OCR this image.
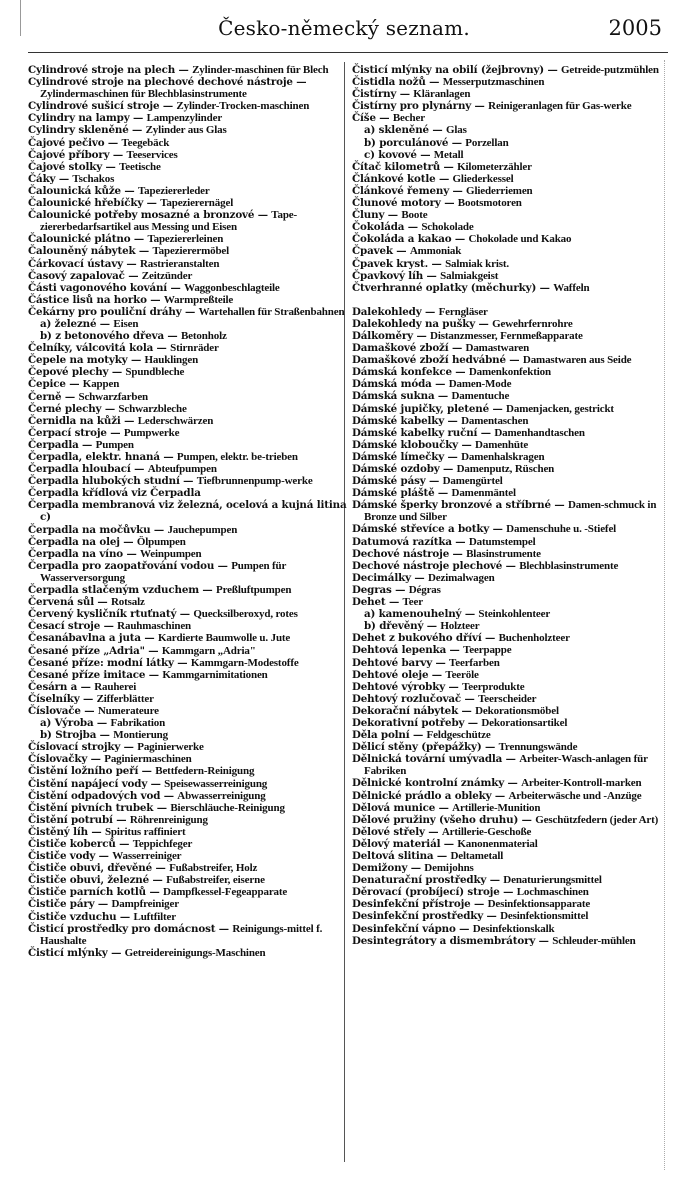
Česko-německý seznam.	2005

Cylindrové stroje na plech — Zylinder-maschinen für Blech

Cylindrové stroje na plechové dechové nástroje — Zylindermaschinen für Blechblasinstrumente

Cylindrové sušicí stroje — Zylinder-Trocken-maschinen

Cylindry na lampy — Lampenzylinder

Cylindry skleněné — Zylinder aus Glas

Čajové pečivo — Teegebäck

Čajové příbory — Teeservices

Čajové stolky — Teetische

Čáky — Tschakos

Čalounická kůže — Tapeziererleder

Čalounické hřebíčky — Tapezierernägel

Čalounické potřeby mosazné a bronzové — Tape-ziererbedarfsartikel aus Messing und Eisen

Čalounické plátno — Tapeziererleinen

Čalouněný nábytek — Tapezierermöbel

Čárkovací ústavy — Rastrieranstalten

Časový zapalovač — Zeitzünder

Části vagonového kování — Waggonbeschlagteile

Částice lisů na horko — Warmpreßteile

Čekárny pro pouliční dráhy — Wartehallen für Straßenbahnen

a) železné — Eisen

b) z betonového dřeva — Betonholz

Čelníky, válcovitá kola — Stirnräder

Čepele na motyky — Hauklingen

Čepové plechy — Spundbleche

Čepice — Kappen

Černě — Schwarzfarben

Černé plechy — Schwarzbleche

Černidla na kůži — Lederschwärzen

Čerpací stroje — Pumpwerke

Čerpadla — Pumpen

Čerpadla, elektr. hnaná — Pumpen, elektr. be-trieben

Čerpadla hloubací — Abteufpumpen

Čerpadla hlubokých studní — Tiefbrunnenpump-werke

Čerpadla křídlová viz Čerpadla

Čerpadla membranová viz železná, ocelová a kujná litina c)

Čerpadla na močůvku — Jauchepumpen

Čerpadla na olej — Ölpumpen

Čerpadla na víno — Weinpumpen

Čerpadla pro zaopatřování vodou — Pumpen für Wasserversorgung

Čerpadla stlačeným vzduchem — Preßluftpumpen

Červená sůl — Rotsalz

Červený kysličník rtuťnatý — Quecksilberoxyd, rotes

Česací stroje — Rauhmaschinen

Česanábavlna a juta — Kardierte Baumwolle u. Jute

Česané příze „Adria" — Kammgarn „Adria"

Česané příze: modní látky — Kammgarn-Modestoffe

Česané příze imitace — Kammgarnimitationen

Česárn a — Rauherei

Číselníky — Zifferblätter

Číslovače — Numerateure

a) Výroba — Fabrikation

b) Strojba — Montierung

Číslovací strojky — Paginierwerke

Číslovačky — Paginiermaschinen

Čistění ložního peří — Bettfedern-Reinigung

Čistění napájecí vody — Speisewasserreinigung

Čistění odpadových vod — Abwasserreinigung

Čistění pivních trubek — Bierschläuche-Reinigung

Čistění potrubí — Röhrenreinigung

Čistěný líh — Spiritus raffiniert

Čističe koberců — Teppichfeger

Čističe vody — Wasserreiniger

Čističe obuvi, dřevěné — Fußabstreifer, Holz

Čističe obuvi, železné — Fußabstreifer, eiserne

Čističe parních kotlů — Dampfkessel-Fegeapparate

Čističe páry — Dampfreiniger

Čističe vzduchu — Luftfilter

Čisticí prostředky pro domácnost — Reinigungs-mittel f. Haushalte

Čisticí mlýnky — Getreidereinigungs-Maschinen

Čisticí mlýnky na obilí (žejbrovny) — Getreide-putzmühlen

Čistidla nožů — Messerputzmaschinen

Čistírny — Kläranlagen

Čistírny pro plynárny — Reinigeranlagen für Gas-werke

Číše — Becher

a) skleněné — Glas

b) porculánové — Porzellan

c) kovové — Metall

Čítač kilometrů — Kilometerzähler

Článkové kotle — Gliederkessel

Článkové řemeny — Gliederriemen

Člunové motory — Bootsmotoren

Čluny — Boote

Čokoláda — Schokolade

Čokoláda a kakao — Chokolade und Kakao

Čpavek — Ammoniak

Čpavek kryst. — Salmiak krist.

Čpavkový líh — Salmiakgeist

Čtverhranné oplatky (měchurky) — Waffeln

Dalekohledy — Ferngläser

Dalekohledy na pušky — Gewehrfernrohre

Dálkoměry — Distanzmesser, Fernmeßapparate

Damaškové zboží — Damastwaren

Damaškové zboží hedvábné — Damastwaren aus Seide

Dámská konfekce — Damenkonfektion

Dámská móda — Damen-Mode

Dámská sukna — Damentuche

Dámské jupičky, pletené — Damenjacken, gestrickt

Dámské kabelky — Damentaschen

Dámské kabelky ruční — Damenhandtaschen

Dámské kloboučky — Damenhüte

Dámské límečky — Damenhalskragen

Dámské ozdoby — Damenputz, Rüschen

Dámské pásy — Damengürtel

Dámské pláště — Damenmäntel

Dámské šperky bronzové a stříbrné — Damen-schmuck in Bronze und Silber

Dámské střevíce a botky — Damenschuhe u. -Stiefel

Datumová razítka — Datumstempel

Dechové nástroje — Blasinstrumente

Dechové nástroje plechové — Blechblasinstrumente

Decimálky — Dezimalwagen

Degras — Dégras

Dehet — Teer

a) kamenouhelný — Steinkohlenteer

b) dřevěný — Holzteer

Dehet z bukového dříví — Buchenholzteer

Dehtová lepenka — Teerpappe

Dehtové barvy — Teerfarben

Dehtové oleje — Teeröle

Dehtové výrobky — Teerprodukte

Dehtový rozlučovač — Teerscheider

Dekorační nábytek — Dekorationsmöbel

Dekorativní potřeby — Dekorationsartikel

Děla polní — Feldgeschütze

Dělicí stěny (přepážky) — Trennungswände

Dělnická tovární umývadla — Arbeiter-Wasch-anlagen für Fabriken

Dělnické kontrolní známky — Arbeiter-Kontroll-marken

Dělnické prádlo a obleky — Arbeiterwäsche und -Anzüge

Dělová munice — Artillerie-Munition

Dělové pružiny (všeho druhu) — Geschützfedern (jeder Art)

Dělové střely — Artillerie-Geschoße

Dělový materiál — Kanonenmaterial

Deltová slitina — Deltametall

Demižony — Demijohns

Denaturační prostředky — Denaturierungsmittel

Děrovací (probíjecí) stroje — Lochmaschinen

Desinfekční přístroje — Desinfektionsapparate

Desinfekční prostředky — Desinfektionsmittel

Desinfekční vápno — Desinfektionskalk

Desintegrátory a dismembrátory — Schleuder-mühlen
